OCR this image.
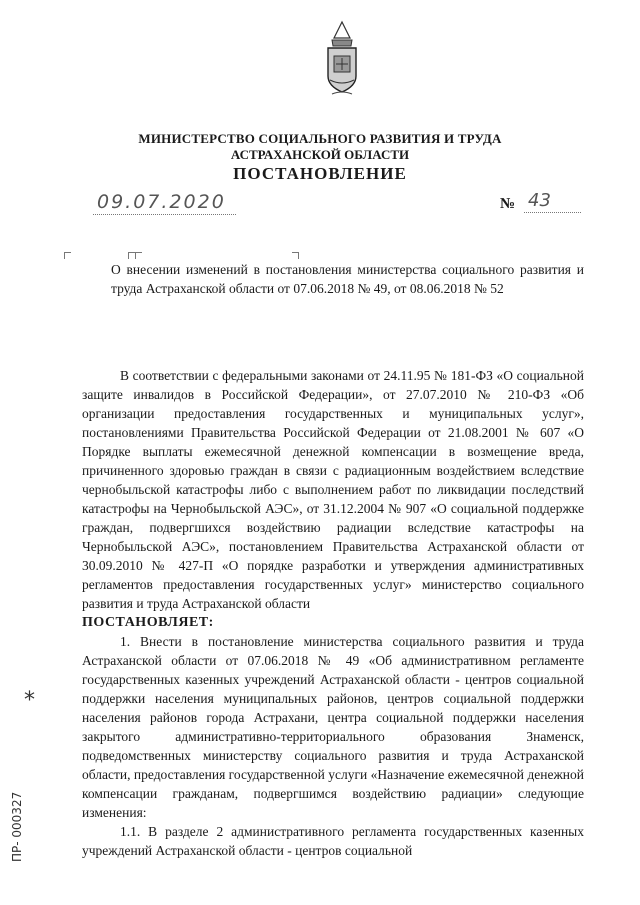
МИНИСТЕРСТВО СОЦИАЛЬНОГО РАЗВИТИЯ И ТРУДА
АСТРАХАНСКОЙ ОБЛАСТИ
ПОСТАНОВЛЕНИЕ
09.07.2020	№ 43
О внесении изменений в постановления министерства социального развития и труда Астраханской области от 07.06.2018 № 49, от 08.06.2018 № 52

В соответствии с федеральными законами от 24.11.95 № 181-ФЗ «О социальной защите инвалидов в Российской Федерации», от 27.07.2010 № 210-ФЗ «Об организации предоставления государственных и муниципальных услуг», постановлениями Правительства Российской Федерации от 21.08.2001 № 607 «О Порядке выплаты ежемесячной денежной компенсации в возмещение вреда, причиненного здоровью граждан в связи с радиационным воздействием вследствие чернобыльской катастрофы либо с выполнением работ по ликвидации последствий катастрофы на Чернобыльской АЭС», от 31.12.2004 № 907 «О социальной поддержке граждан, подвергшихся воздействию радиации вследствие катастрофы на Чернобыльской АЭС», постановлением Правительства Астраханской области от 30.09.2010 № 427-П «О порядке разработки и утверждения административных регламентов предоставления государственных услуг» министерство социального развития и труда Астраханской области

ПОСТАНОВЛЯЕТ:

1. Внести в постановление министерства социального развития и труда Астраханской области от 07.06.2018 № 49 «Об административном регламенте государственных казенных учреждений Астраханской области - центров социальной поддержки населения муниципальных районов, центров социальной поддержки населения районов города Астрахани, центра социальной поддержки населения закрытого административно-территориального образования Знаменск, подведомственных министерству социального развития и труда Астраханской области, предоставления государственной услуги «Назначение ежемесячной денежной компенсации гражданам, подвергшимся воздействию радиации» следующие изменения:

1.1. В разделе 2 административного регламента государственных казенных учреждений Астраханской области - центров социальной

*
ПР- 000327
